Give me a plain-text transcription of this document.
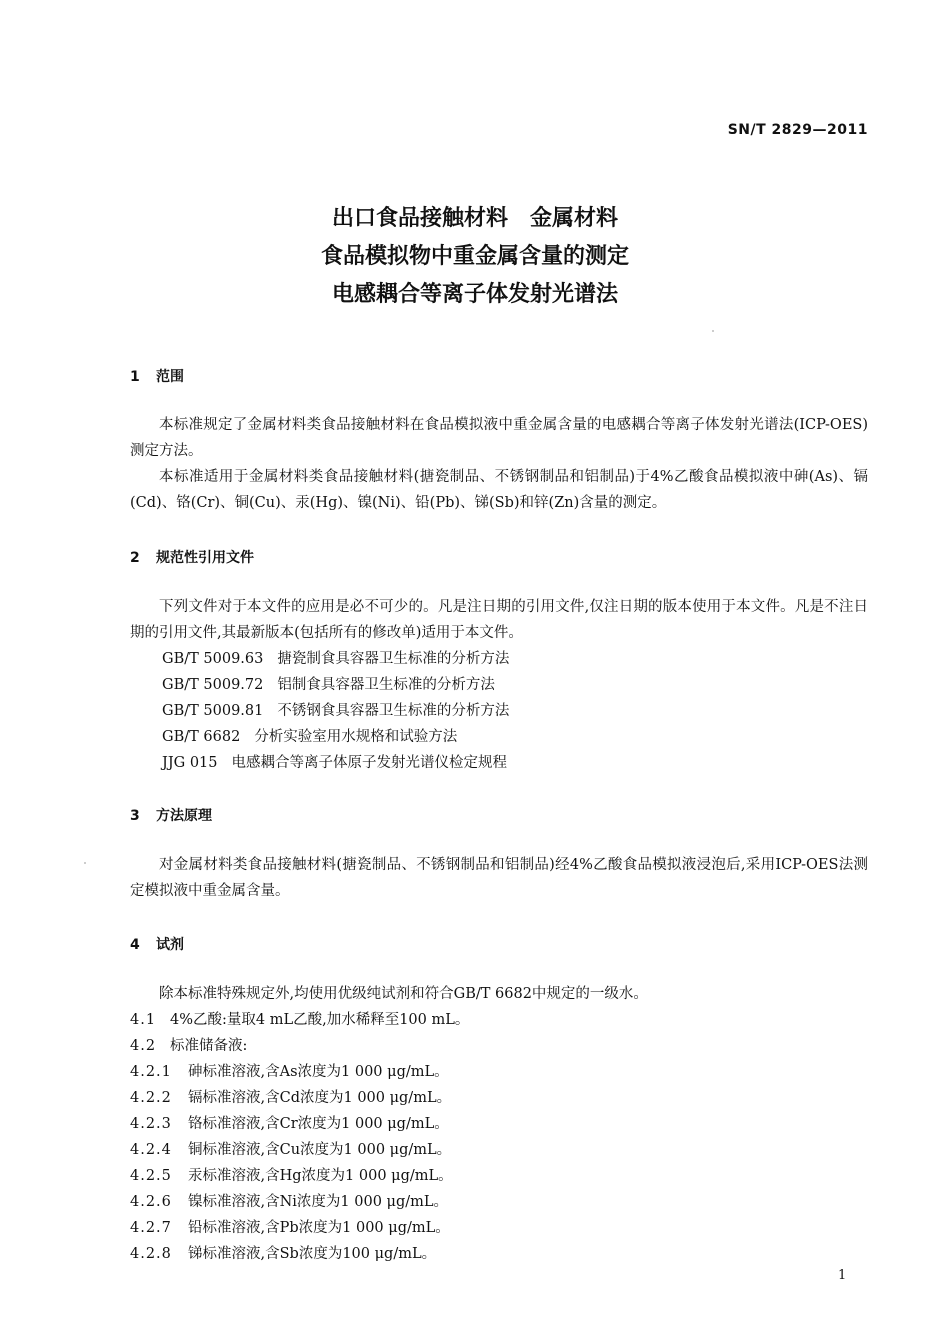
SN/T 2829—2011
出口食品接触材料　金属材料
食品模拟物中重金属含量的测定
电感耦合等离子体发射光谱法
1 范围
本标准规定了金属材料类食品接触材料在食品模拟液中重金属含量的电感耦合等离子体发射光谱法(ICP-OES)测定方法。
本标准适用于金属材料类食品接触材料(搪瓷制品、不锈钢制品和铝制品)于4%乙酸食品模拟液中砷(As)、镉(Cd)、铬(Cr)、铜(Cu)、汞(Hg)、镍(Ni)、铅(Pb)、锑(Sb)和锌(Zn)含量的测定。
2 规范性引用文件
下列文件对于本文件的应用是必不可少的。凡是注日期的引用文件,仅注日期的版本使用于本文件。凡是不注日期的引用文件,其最新版本(包括所有的修改单)适用于本文件。
GB/T 5009.63 搪瓷制食具容器卫生标准的分析方法
GB/T 5009.72 铝制食具容器卫生标准的分析方法
GB/T 5009.81 不锈钢食具容器卫生标准的分析方法
GB/T 6682 分析实验室用水规格和试验方法
JJG 015 电感耦合等离子体原子发射光谱仪检定规程
3 方法原理
对金属材料类食品接触材料(搪瓷制品、不锈钢制品和铝制品)经4%乙酸食品模拟液浸泡后,采用ICP-OES法测定模拟液中重金属含量。
4 试剂
除本标准特殊规定外,均使用优级纯试剂和符合GB/T 6682中规定的一级水。
4.1 4%乙酸:量取4 mL乙酸,加水稀释至100 mL。
4.2 标准储备液:
4.2.1 砷标准溶液,含As浓度为1 000 μg/mL。
4.2.2 镉标准溶液,含Cd浓度为1 000 μg/mL。
4.2.3 铬标准溶液,含Cr浓度为1 000 μg/mL。
4.2.4 铜标准溶液,含Cu浓度为1 000 μg/mL。
4.2.5 汞标准溶液,含Hg浓度为1 000 μg/mL。
4.2.6 镍标准溶液,含Ni浓度为1 000 μg/mL。
4.2.7 铅标准溶液,含Pb浓度为1 000 μg/mL。
4.2.8 锑标准溶液,含Sb浓度为100 μg/mL。
1
